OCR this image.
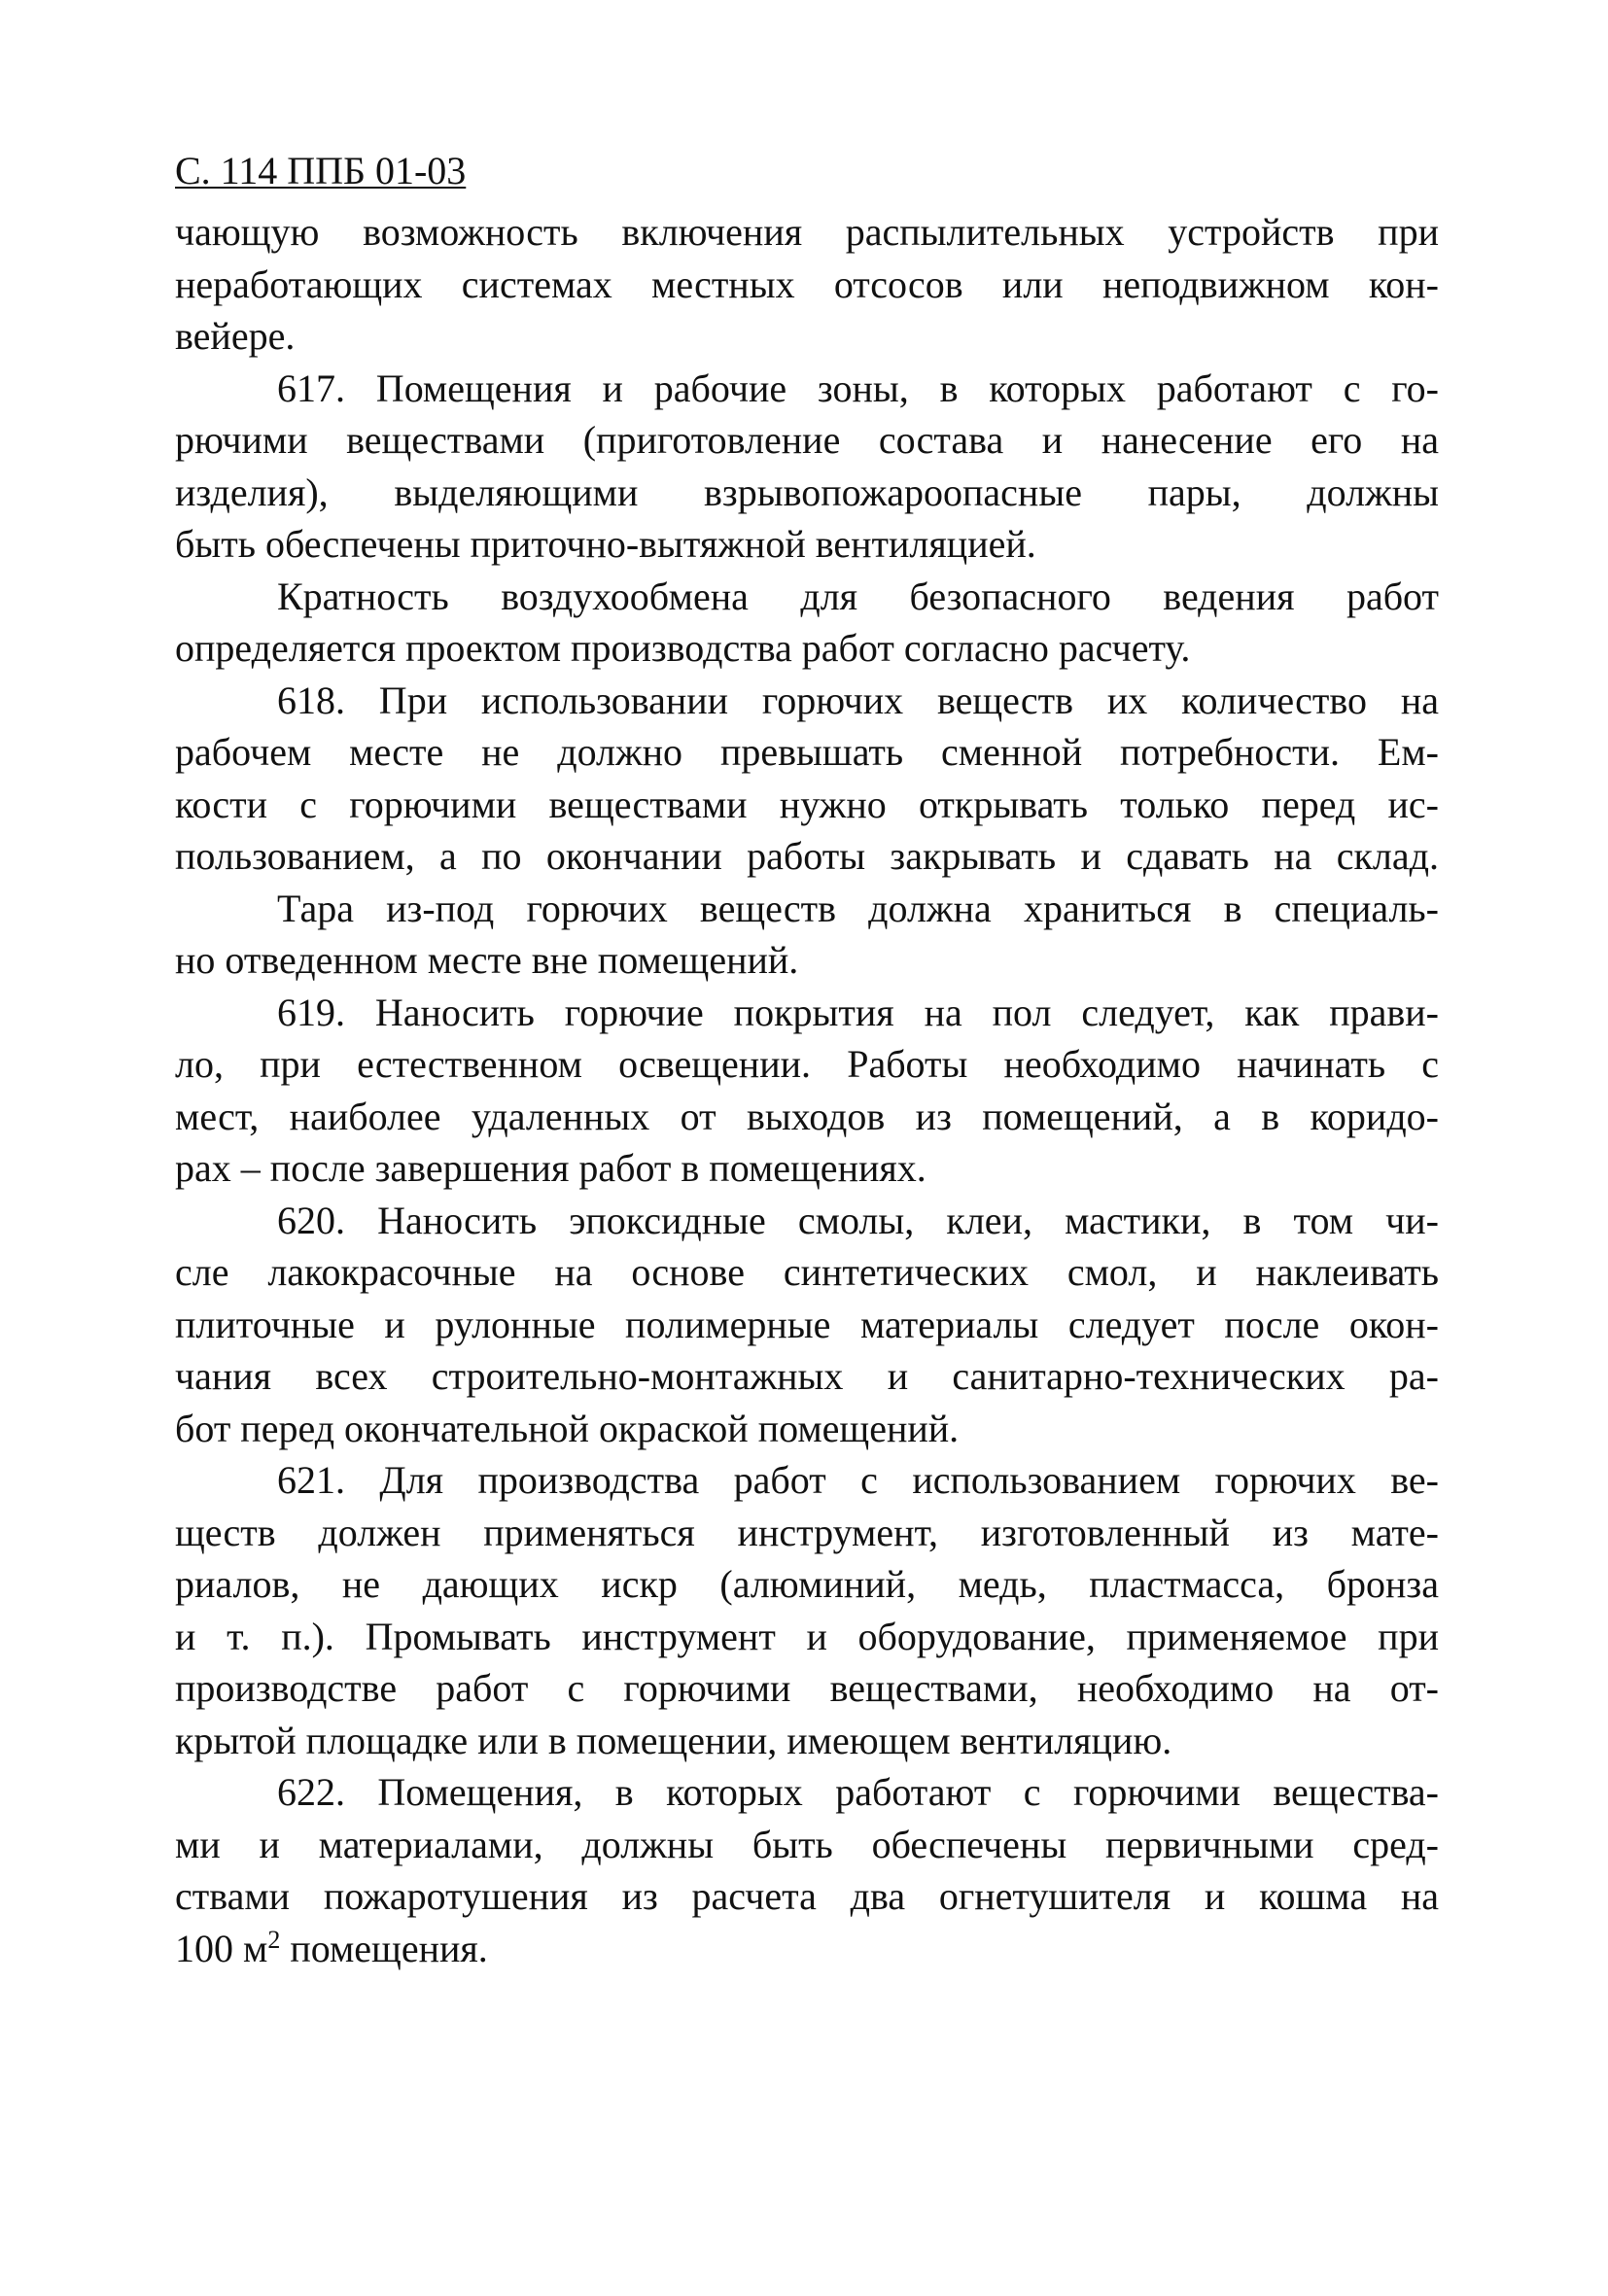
С. 114 ППБ 01-03
чающую возможность включения распылительных устройств при
неработающих системах местных отсосов или неподвижном кон-
вейере.
617. Помещения и рабочие зоны, в которых работают с го-
рючими веществами (приготовление состава и нанесение его на
изделия), выделяющими взрывопожароопасные пары, должны
быть обеспечены приточно-вытяжной вентиляцией.
Кратность воздухообмена для безопасного ведения работ
определяется проектом производства работ согласно расчету.
618. При использовании горючих веществ их количество на
рабочем месте не должно превышать сменной потребности. Ем-
кости с горючими веществами нужно открывать только перед ис-
пользованием, а по окончании работы закрывать и сдавать на склад.
Тара из-под горючих веществ должна храниться в специаль-
но отведенном месте вне помещений.
619. Наносить горючие покрытия на пол следует, как прави-
ло, при естественном освещении. Работы необходимо начинать с
мест, наиболее удаленных от выходов из помещений, а в коридо-
рах – после завершения работ в помещениях.
620. Наносить эпоксидные смолы, клеи, мастики, в том чи-
сле лакокрасочные на основе синтетических смол, и наклеивать
плиточные и рулонные полимерные материалы следует после окон-
чания всех строительно-монтажных и санитарно-технических ра-
бот перед окончательной окраской помещений.
621. Для производства работ с использованием горючих ве-
ществ должен применяться инструмент, изготовленный из мате-
риалов, не дающих искр (алюминий, медь, пластмасса, бронза
и т. п.). Промывать инструмент и оборудование, применяемое при
производстве работ с горючими веществами, необходимо на от-
крытой площадке или в помещении, имеющем вентиляцию.
622. Помещения, в которых работают с горючими вещества-
ми и материалами, должны быть обеспечены первичными сред-
ствами пожаротушения из расчета два огнетушителя и кошма на
100 $м^2$ помещения.
